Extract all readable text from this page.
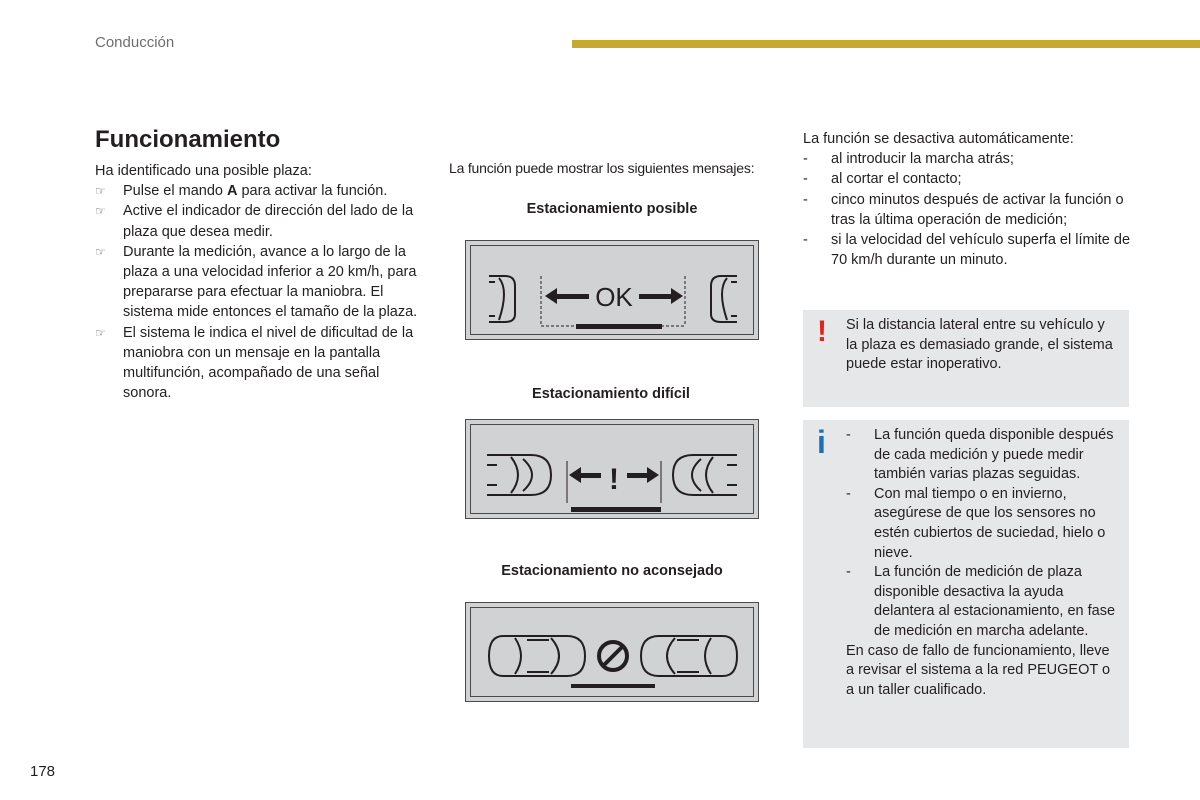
Conducción
Funcionamiento
Ha identificado una posible plaza:
☞ Pulse el mando A para activar la función.
☞ Active el indicador de dirección del lado de la plaza que desea medir.
☞ Durante la medición, avance a lo largo de la plaza a una velocidad inferior a 20 km/h, para prepararse para efectuar la maniobra. El sistema mide entonces el tamaño de la plaza.
☞ El sistema le indica el nivel de dificultad de la maniobra con un mensaje en la pantalla multifunción, acompañado de una señal sonora.
La función puede mostrar los siguientes mensajes:
Estacionamiento posible
OK
Estacionamiento difícil
!
Estacionamiento no aconsejado
La función se desactiva automáticamente:
- al introducir la marcha atrás;
- al cortar el contacto;
- cinco minutos después de activar la función o tras la última operación de medición;
- si la velocidad del vehículo superfa el límite de 70 km/h durante un minuto.
! Si la distancia lateral entre su vehículo y la plaza es demasiado grande, el sistema puede estar inoperativo.
i - La función queda disponible después de cada medición y puede medir también varias plazas seguidas.
- Con mal tiempo o en invierno, asegúrese de que los sensores no estén cubiertos de suciedad, hielo o nieve.
- La función de medición de plaza disponible desactiva la ayuda delantera al estacionamiento, en fase de medición en marcha adelante.
En caso de fallo de funcionamiento, lleve a revisar el sistema a la red PEUGEOT o a un taller cualificado.
178
